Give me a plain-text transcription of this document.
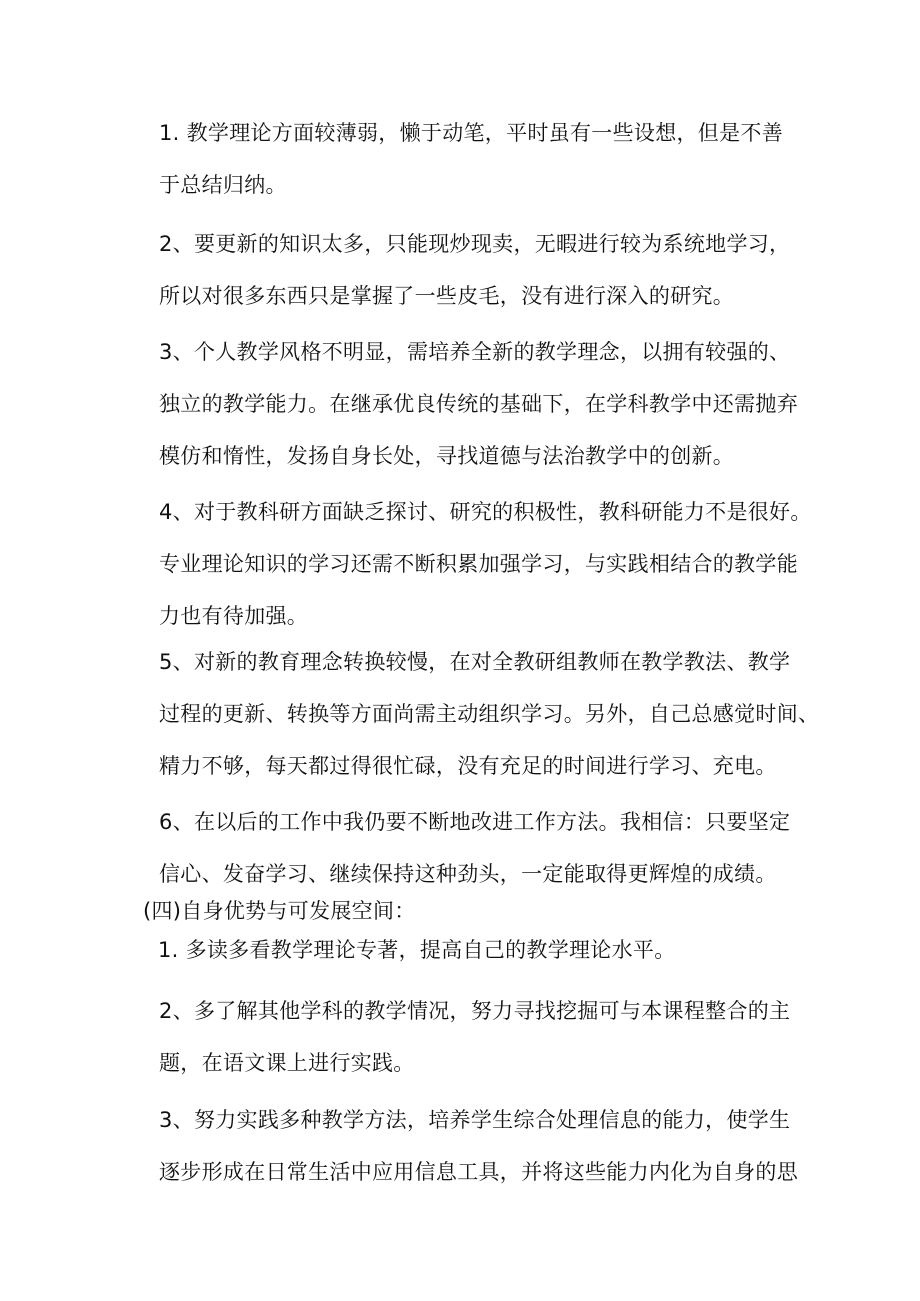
1. 教学理论方面较薄弱，懒于动笔，平时虽有一些设想，但是不善
于总结归纳。

2、要更新的知识太多，只能现炒现卖，无暇进行较为系统地学习，
所以对很多东西只是掌握了一些皮毛，没有进行深入的研究。

3、个人教学风格不明显，需培养全新的教学理念，以拥有较强的、
独立的教学能力。在继承优良传统的基础下，在学科教学中还需抛弃
模仿和惰性，发扬自身长处，寻找道德与法治教学中的创新。

4、对于教科研方面缺乏探讨、研究的积极性，教科研能力不是很好。
专业理论知识的学习还需不断积累加强学习，与实践相结合的教学能
力也有待加强。

5、对新的教育理念转换较慢，在对全教研组教师在教学教法、教学
过程的更新、转换等方面尚需主动组织学习。另外，自己总感觉时间、
精力不够，每天都过得很忙碌，没有充足的时间进行学习、充电。

6、在以后的工作中我仍要不断地改进工作方法。我相信：只要坚定
信心、发奋学习、继续保持这种劲头，一定能取得更辉煌的成绩。

(四)自身优势与可发展空间：

1. 多读多看教学理论专著，提高自己的教学理论水平。

2、多了解其他学科的教学情况，努力寻找挖掘可与本课程整合的主
题，在语文课上进行实践。

3、努力实践多种教学方法，培养学生综合处理信息的能力，使学生
逐步形成在日常生活中应用信息工具，并将这些能力内化为自身的思
